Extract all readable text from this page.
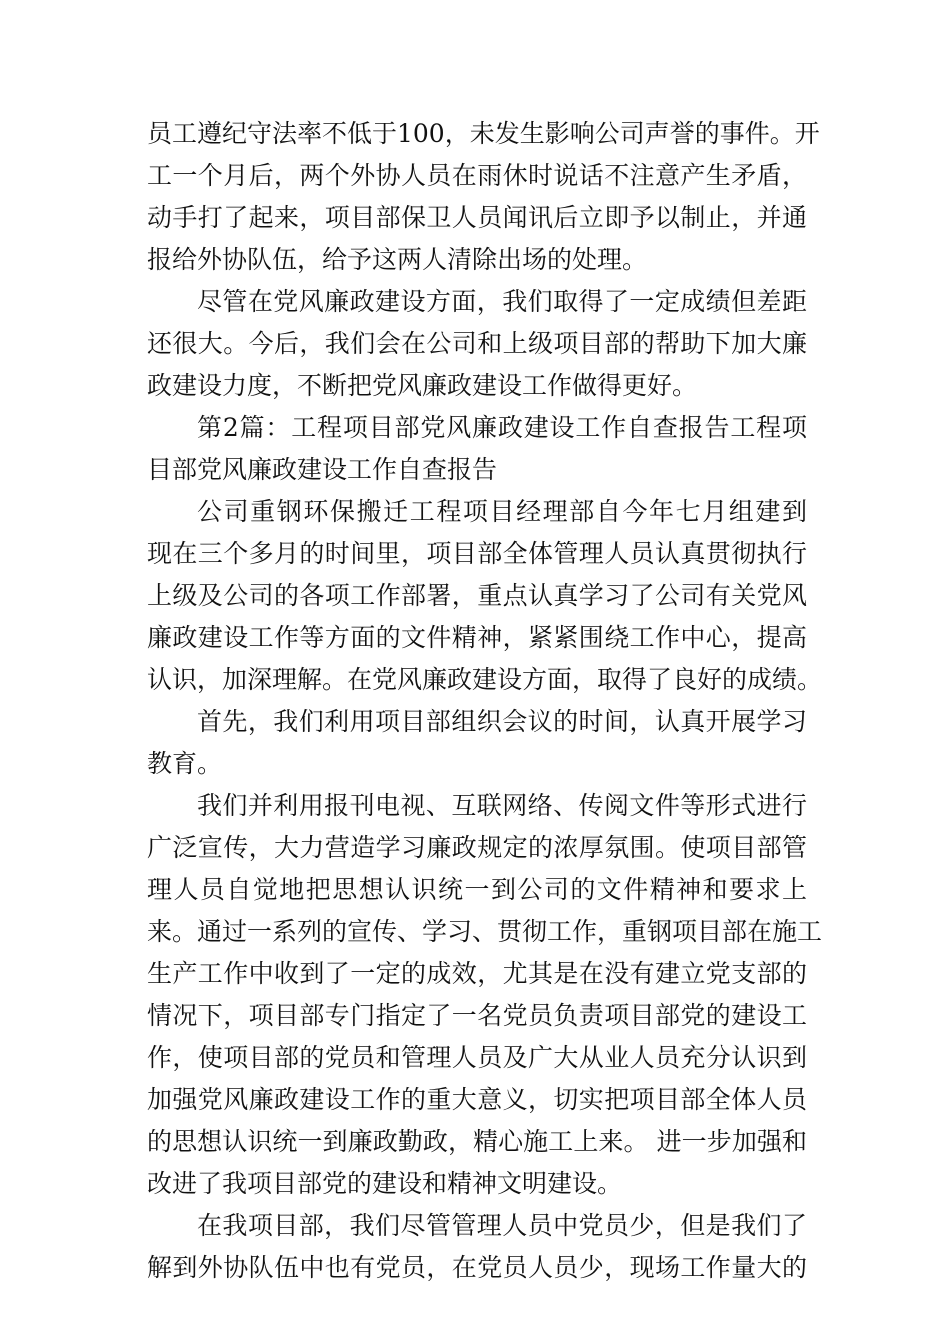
员工遵纪守法率不低于100，未发生影响公司声誉的事件。开
工一个月后，两个外协人员在雨休时说话不注意产生矛盾，
动手打了起来，项目部保卫人员闻讯后立即予以制止，并通
报给外协队伍，给予这两人清除出场的处理。
尽管在党风廉政建设方面，我们取得了一定成绩但差距
还很大。今后，我们会在公司和上级项目部的帮助下加大廉
政建设力度，不断把党风廉政建设工作做得更好。
第2篇：工程项目部党风廉政建设工作自查报告工程项
目部党风廉政建设工作自查报告
公司重钢环保搬迁工程项目经理部自今年七月组建到
现在三个多月的时间里，项目部全体管理人员认真贯彻执行
上级及公司的各项工作部署，重点认真学习了公司有关党风
廉政建设工作等方面的文件精神，紧紧围绕工作中心，提高
认识，加深理解。在党风廉政建设方面，取得了良好的成绩。
首先，我们利用项目部组织会议的时间，认真开展学习
教育。
我们并利用报刊电视、互联网络、传阅文件等形式进行
广泛宣传，大力营造学习廉政规定的浓厚氛围。使项目部管
理人员自觉地把思想认识统一到公司的文件精神和要求上
来。通过一系列的宣传、学习、贯彻工作，重钢项目部在施工
生产工作中收到了一定的成效，尤其是在没有建立党支部的
情况下，项目部专门指定了一名党员负责项目部党的建设工
作，使项目部的党员和管理人员及广大从业人员充分认识到
加强党风廉政建设工作的重大意义，切实把项目部全体人员
的思想认识统一到廉政勤政，精心施工上来。 进一步加强和
改进了我项目部党的建设和精神文明建设。
在我项目部，我们尽管管理人员中党员少，但是我们了
解到外协队伍中也有党员，在党员人员少，现场工作量大的
